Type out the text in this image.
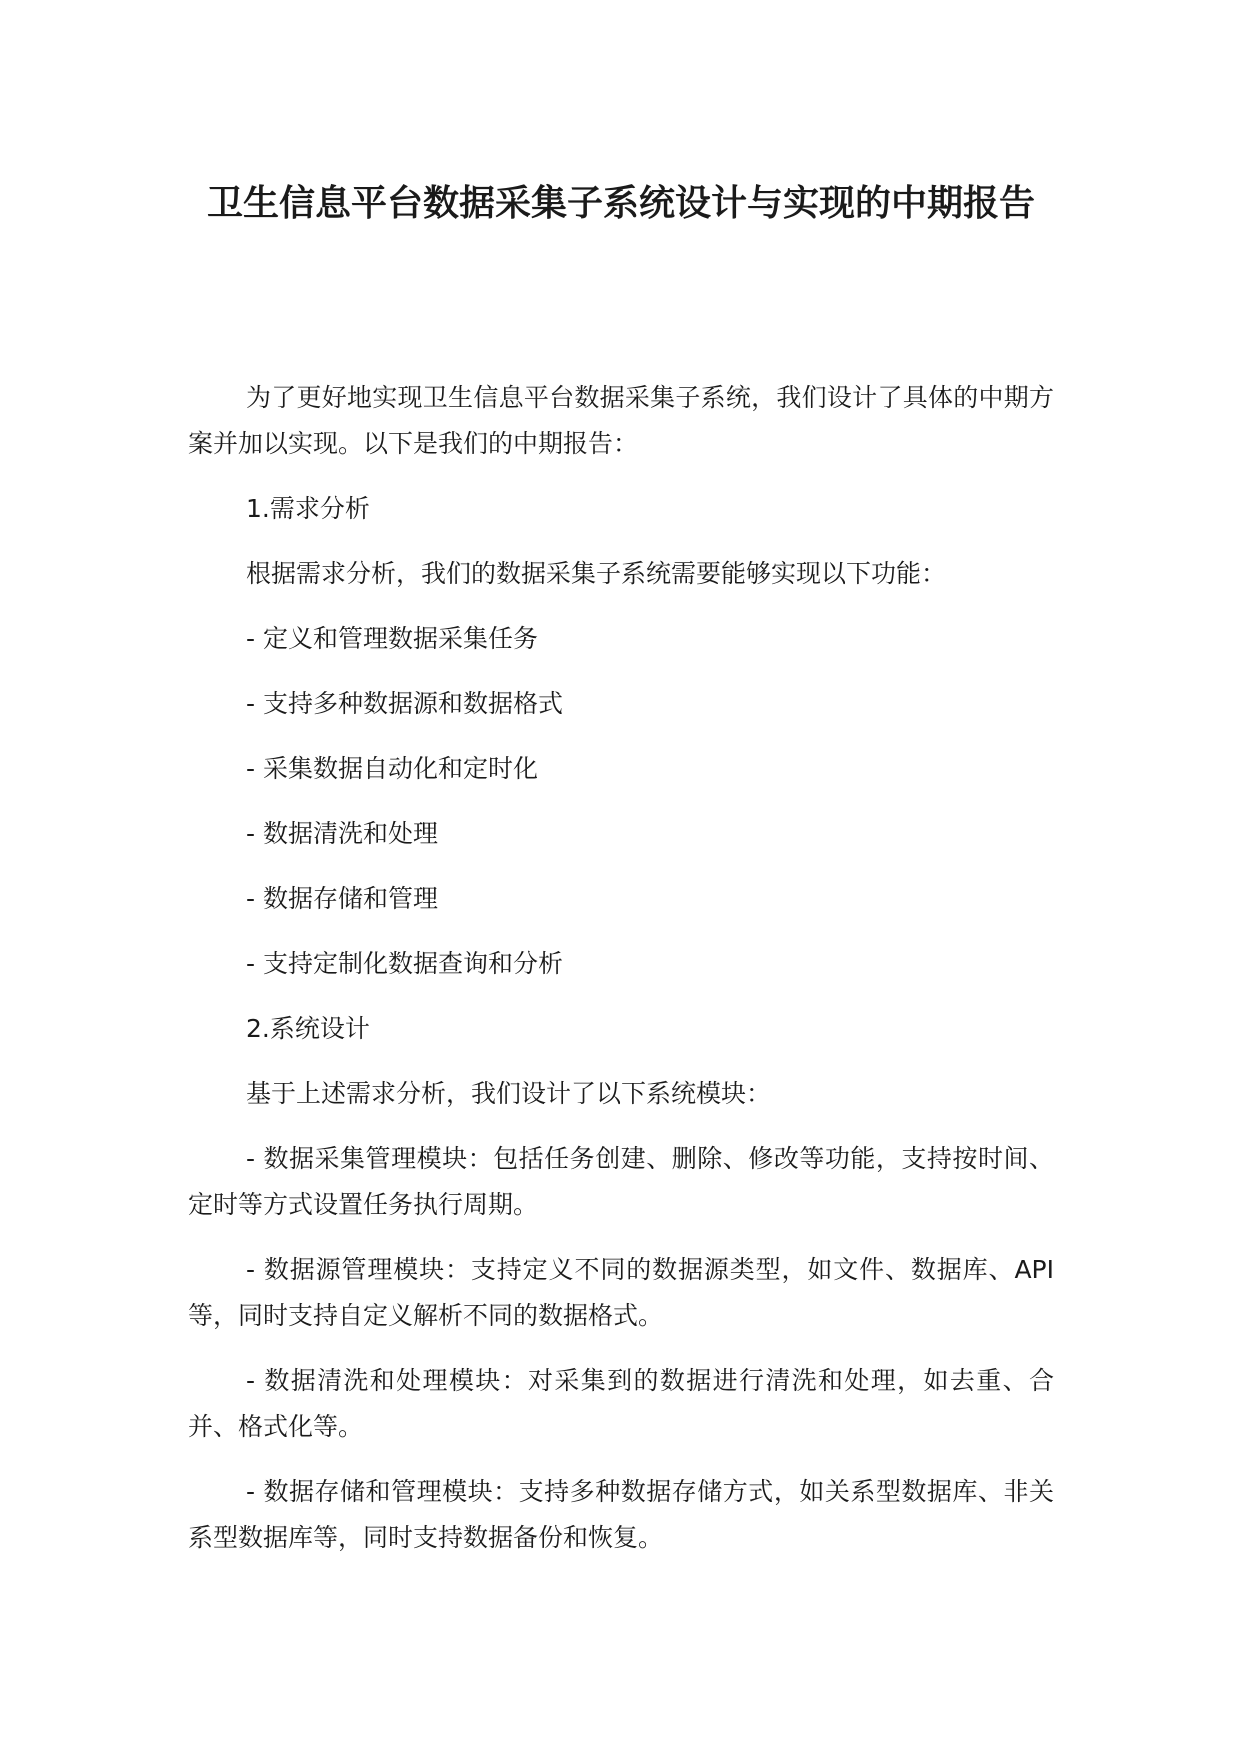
卫生信息平台数据采集子系统设计与实现的中期报告

为了更好地实现卫生信息平台数据采集子系统，我们设计了具体的中期方案并加以实现。以下是我们的中期报告：

1.需求分析

根据需求分析，我们的数据采集子系统需要能够实现以下功能：

- 定义和管理数据采集任务

- 支持多种数据源和数据格式

- 采集数据自动化和定时化

- 数据清洗和处理

- 数据存储和管理

- 支持定制化数据查询和分析

2.系统设计

基于上述需求分析，我们设计了以下系统模块：

- 数据采集管理模块：包括任务创建、删除、修改等功能，支持按时间、定时等方式设置任务执行周期。

- 数据源管理模块：支持定义不同的数据源类型，如文件、数据库、API 等，同时支持自定义解析不同的数据格式。

- 数据清洗和处理模块：对采集到的数据进行清洗和处理，如去重、合并、格式化等。

- 数据存储和管理模块：支持多种数据存储方式，如关系型数据库、非关系型数据库等，同时支持数据备份和恢复。
